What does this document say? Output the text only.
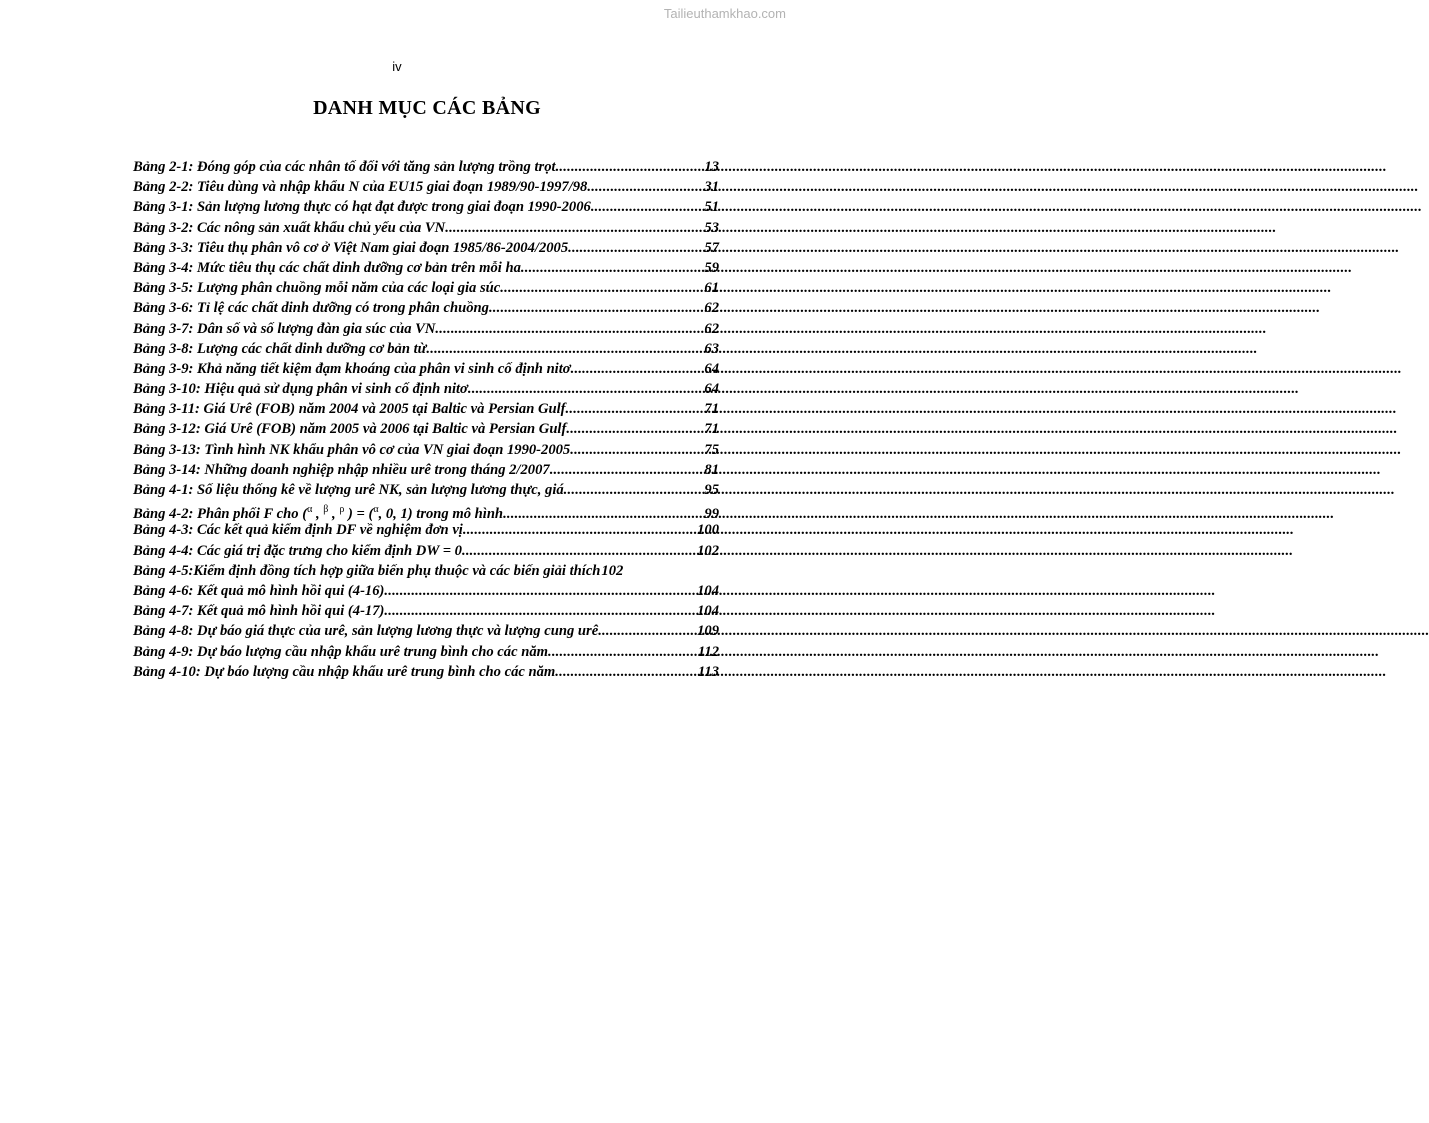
Tailieuthamkhao.com
iv
DANH MỤC CÁC BẢNG
Bảng 2-1: Đóng góp của các nhân tố đối với tăng sản lượng trồng trọt .....	13
Bảng 2-2: Tiêu dùng và nhập khẩu N của EU15 giai đoạn 1989/90-1997/98 .....	31
Bảng 3-1: Sản lượng lương thực có hạt đạt được trong giai đoạn 1990-2006 .....	51
Bảng 3-2: Các nông sản xuất khẩu chủ yếu của VN .....	53
Bảng 3-3: Tiêu thụ phân vô cơ ở Việt Nam giai đoạn 1985/86-2004/2005 .....	57
Bảng 3-4: Mức tiêu thụ các chất dinh dưỡng cơ bản trên mỗi ha .....	59
Bảng 3-5: Lượng phân chuồng mỗi năm của các loại gia súc .....	61
Bảng 3-6: Tỉ lệ các chất dinh dưỡng có trong phân chuồng .....	62
Bảng 3-7: Dân số và số lượng đàn gia súc của VN .....	62
Bảng 3-8: Lượng các chất dinh dưỡng cơ bản từ .....	63
Bảng 3-9: Khả năng tiết kiệm đạm khoáng của phân vi sinh cố định nitơ .....	64
Bảng 3-10: Hiệu quả sử dụng phân vi sinh cố định nitơ .....	64
Bảng 3-11: Giá Urê (FOB) năm 2004 và 2005 tại Baltic và Persian Gulf .....	71
Bảng 3-12: Giá Urê (FOB) năm 2005 và 2006 tại Baltic và Persian Gulf .....	71
Bảng 3-13: Tình hình NK khẩu phân vô cơ của VN giai đoạn 1990-2005 .....	75
Bảng 3-14: Những doanh nghiệp nhập nhiều urê trong tháng 2/2007 .....	81
Bảng 4-1: Số liệu thống kê về lượng urê NK, sản lượng lương thực, giá .....	95
Bảng 4-2: Phân phối F cho ($^\alpha$ , $^\beta$ , $^\rho$ ) = ($^\alpha$, 0, 1) trong mô hình .....	99
Bảng 4-3: Các kết quả kiểm định DF về nghiệm đơn vị .....	100
Bảng 4-4: Các giá trị đặc trưng cho kiểm định DW = 0 .....	102
Bảng 4-5:Kiểm định đồng tích hợp giữa biến phụ thuộc và các biến giải thích 102
Bảng 4-6: Kết quả mô hình hồi qui (4-16) .....	104
Bảng 4-7: Kết quả mô hình hồi qui (4-17) .....	104
Bảng 4-8: Dự báo giá thực của urê, sản lượng lương thực và lượng cung urê .....	109
Bảng 4-9: Dự báo lượng cầu nhập khẩu urê trung bình cho các năm .....	112
Bảng 4-10: Dự báo lượng cầu nhập khẩu urê trung bình cho các năm .....	113
